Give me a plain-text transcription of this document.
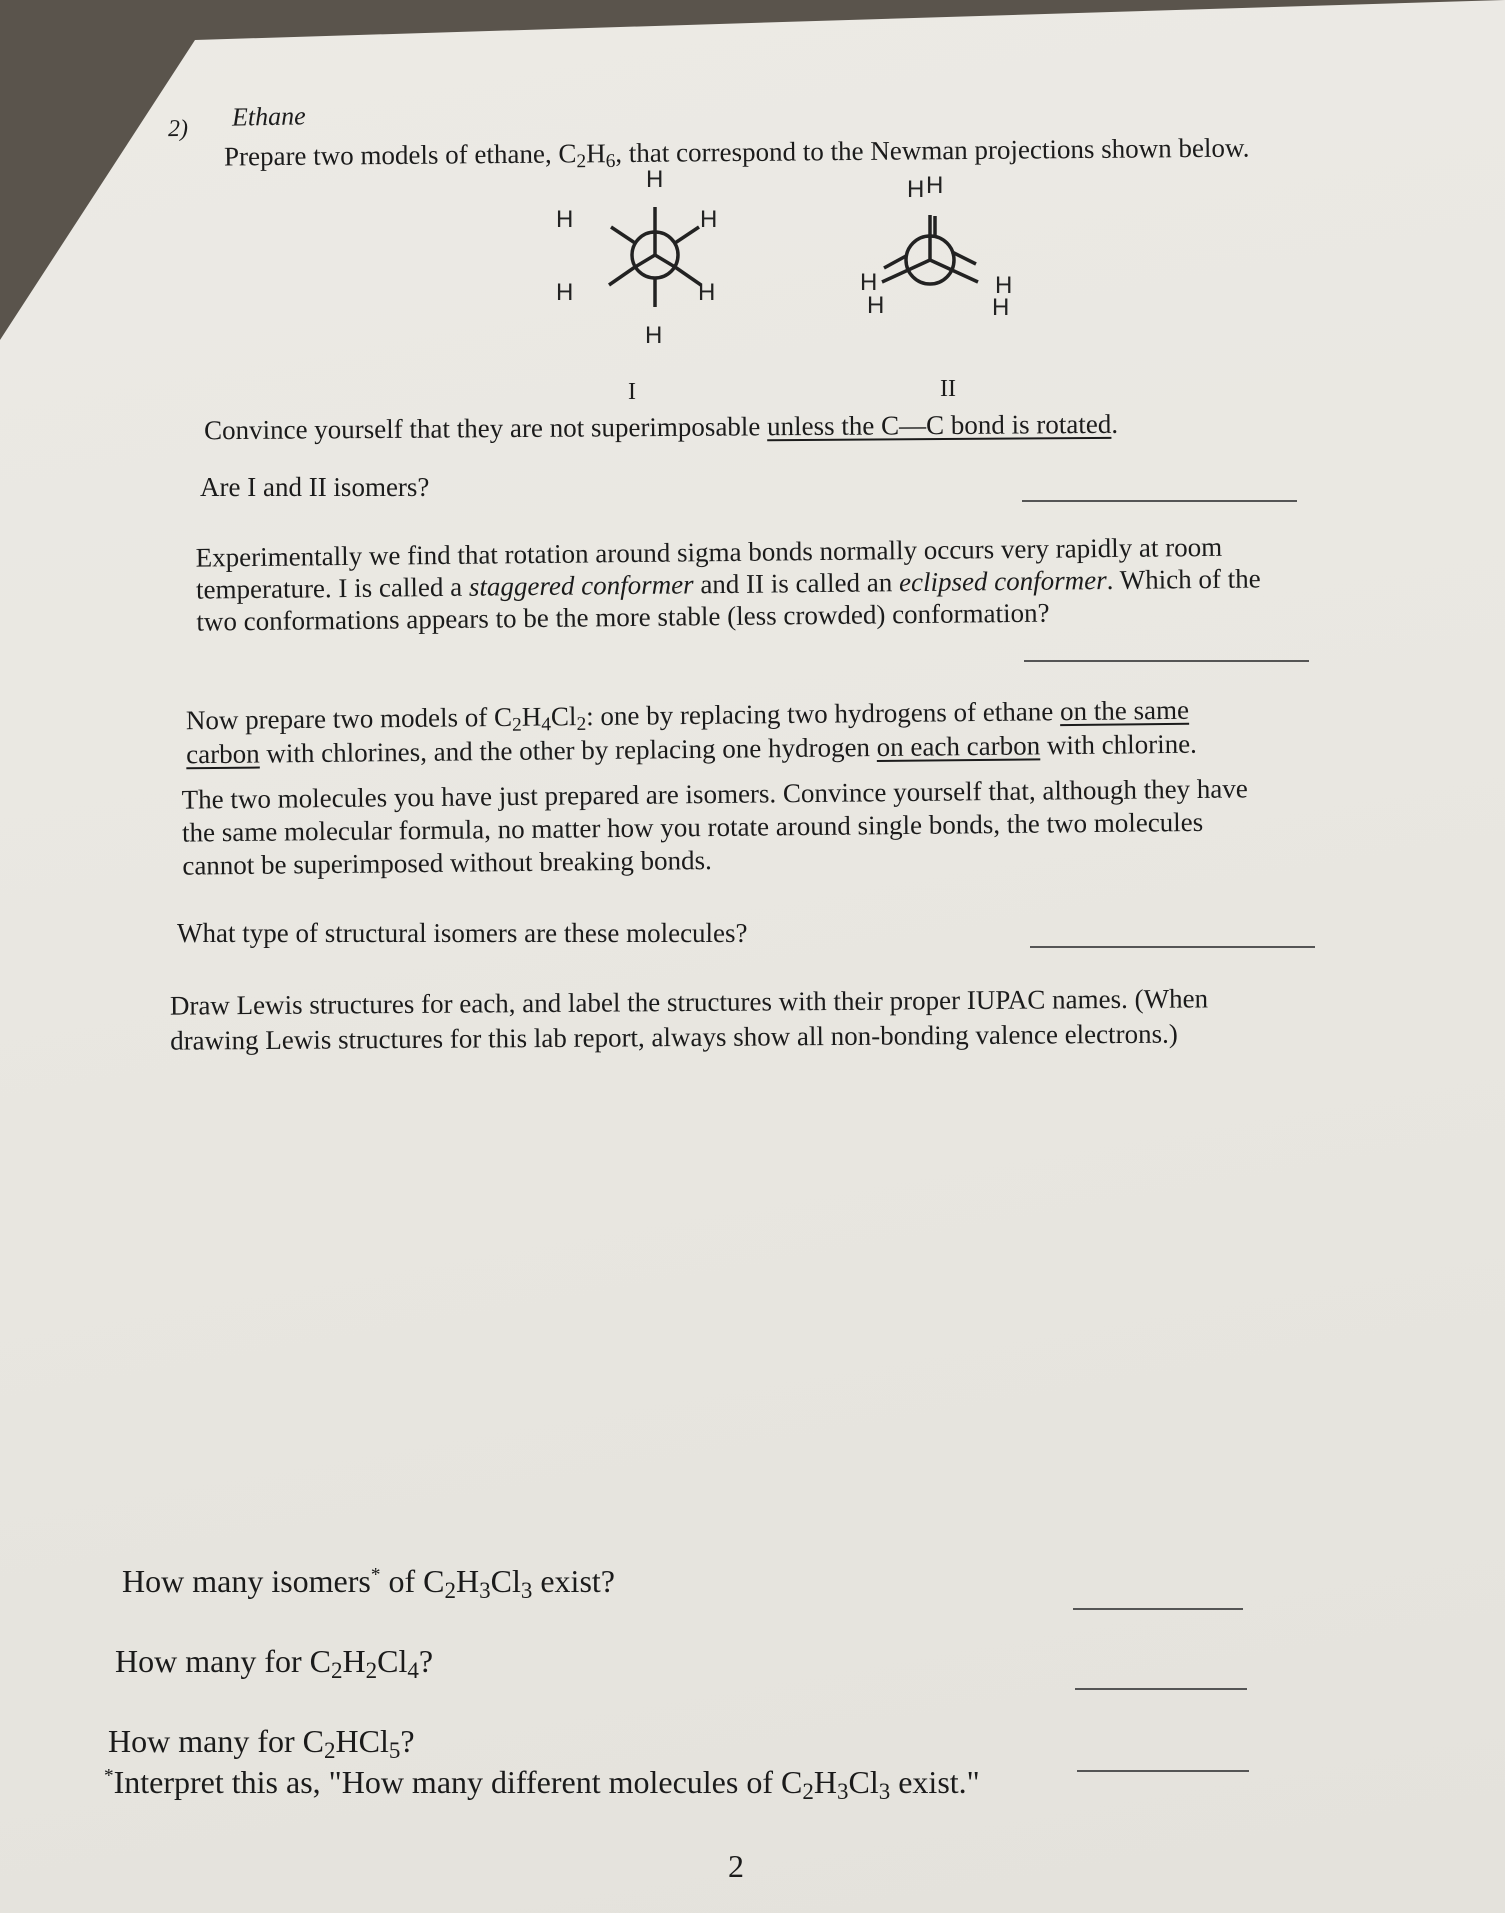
2) Ethane
Prepare two models of ethane, $C_2H_6$, that correspond to the Newman projections shown below.
H
H	H
H	H
H
H H
H
H
H
H
I	II
Convince yourself that they are not superimposable unless the C—C bond is rotated.
Are I and II isomers?
Experimentally we find that rotation around sigma bonds normally occurs very rapidly at room
temperature. I is called a staggered conformer and II is called an eclipsed conformer. Which of the
two conformations appears to be the more stable (less crowded) conformation?
Now prepare two models of $C_2H_4Cl_2$: one by replacing two hydrogens of ethane on the same
carbon with chlorines, and the other by replacing one hydrogen on each carbon with chlorine.
The two molecules you have just prepared are isomers. Convince yourself that, although they have
the same molecular formula, no matter how you rotate around single bonds, the two molecules
cannot be superimposed without breaking bonds.
What type of structural isomers are these molecules?
Draw Lewis structures for each, and label the structures with their proper IUPAC names. (When
drawing Lewis structures for this lab report, always show all non-bonding valence electrons.)
How many isomers* of $C_2H_3Cl_3$ exist?
How many for $C_2H_2Cl_4$?
How many for $C_2HCl_5$?
*Interpret this as, "How many different molecules of $C_2H_3Cl_3$ exist."
2
